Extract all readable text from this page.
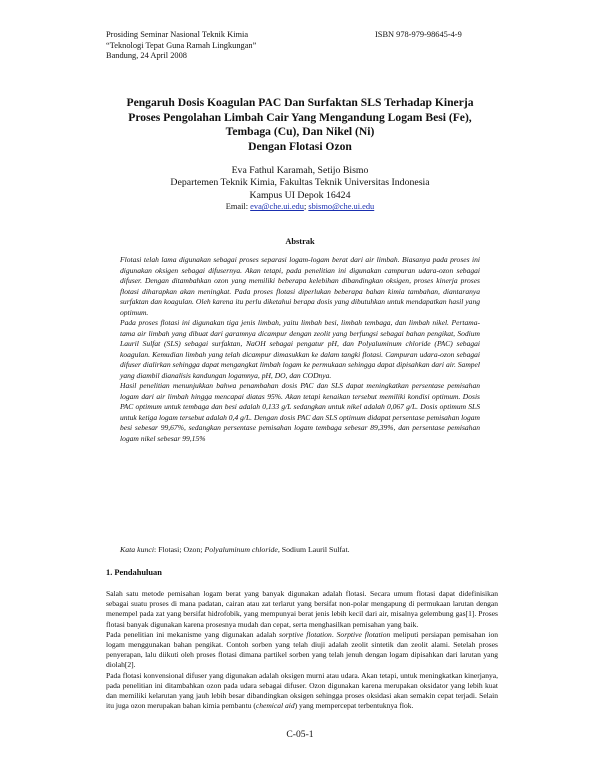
Prosiding Seminar Nasional Teknik Kimia
“Teknologi Tepat Guna Ramah Lingkungan”
Bandung, 24 April 2008
ISBN 978-979-98645-4-9
Pengaruh Dosis Koagulan PAC Dan Surfaktan SLS Terhadap Kinerja
Proses Pengolahan Limbah Cair Yang Mengandung Logam Besi (Fe),
Tembaga (Cu), Dan Nikel (Ni)
Dengan Flotasi Ozon
Eva Fathul Karamah, Setijo Bismo
Departemen Teknik Kimia, Fakultas Teknik Universitas Indonesia
Kampus UI Depok 16424
Email: eva@che.ui.edu; sbismo@che.ui.edu
Abstrak

Flotasi telah lama digunakan sebagai proses separasi logam-logam berat dari air limbah. Biasanya pada proses ini digunakan oksigen sebagai difusernya. Akan tetapi, pada penelitian ini digunakan campuran udara-ozon sebagai difuser. Dengan ditambahkan ozon yang memiliki beberapa kelebihan dibandingkan oksigen, proses kinerja proses flotasi diharapkan akan meningkat. Pada proses flotasi diperlukan beberapa bahan kimia tambahan, diantaranya surfaktan dan koagulan. Oleh karena itu perlu diketahui berapa dosis yang dibutuhkan untuk mendapatkan hasil yang optimum.

Pada proses flotasi ini digunakan tiga jenis limbah, yaitu limbah besi, limbah tembaga, dan limbah nikel. Pertama-tama air limbah yang dibuat dari garamnya dicampur dengan zeolit yang berfungsi sebagai bahan pengikat, Sodium Lauril Sulfat (SLS) sebagai surfaktan, NaOH sebagai pengatur pH, dan Polyaluminum chloride (PAC) sebagai koagulan. Kemudian limbah yang telah dicampur dimasukkan ke dalam tangki flotasi. Campuran udara-ozon sebagai difuser dialirkan sehingga dapat mengangkat limbah logam ke permukaan sehingga dapat dipisahkan dari air. Sampel yang diambil dianalisis kandungan logamnya, pH, DO, dan CODnya.

Hasil penelitian menunjukkan bahwa penambahan dosis PAC dan SLS dapat meningkatkan persentase pemisahan logam dari air limbah hingga mencapai diatas 95%. Akan tetapi kenaikan tersebut memiliki kondisi optimum. Dosis PAC optimum untuk tembaga dan besi adalah 0,133 g/L sedangkan untuk nikel adalah 0,067 g/L. Dosis optimum SLS untuk ketiga logam tersebut adalah 0,4 g/L. Dengan dosis PAC dan SLS optimum didapat persentase pemisahan logam besi sebesar 99,67%, sedangkan persentase pemisahan logam tembaga sebesar 89,39%, dan persentase pemisahan logam nikel sebesar 99,15%

Kata kunci: Flotasi; Ozon; Polyaluminum chloride, Sodium Lauril Sulfat.
1. Pendahuluan

Salah satu metode pemisahan logam berat yang banyak digunakan adalah flotasi. Secara umum flotasi dapat didefinisikan sebagai suatu proses di mana padatan, cairan atau zat terlarut yang bersifat non-polar mengapung di permukaan larutan dengan menempel pada zat yang bersifat hidrofobik, yang mempunyai berat jenis lebih kecil dari air, misalnya gelembung gas[1]. Proses flotasi banyak digunakan karena prosesnya mudah dan cepat, serta menghasilkan pemisahan yang baik.

Pada penelitian ini mekanisme yang digunakan adalah sorptive flotation. Sorptive flotation meliputi persiapan pemisahan ion logam menggunakan bahan pengikat. Contoh sorben yang telah diuji adalah zeolit sintetik dan zeolit alami. Setelah proses penyerapan, lalu diikuti oleh proses flotasi dimana partikel sorben yang telah jenuh dengan logam dipisahkan dari larutan yang diolah[2].

Pada flotasi konvensional difuser yang digunakan adalah oksigen murni atau udara. Akan tetapi, untuk meningkatkan kinerjanya, pada penelitian ini ditambahkan ozon pada udara sebagai difuser. Ozon digunakan karena merupakan oksidator yang lebih kuat dan memiliki kelarutan yang jauh lebih besar dibandingkan oksigen sehingga proses oksidasi akan semakin cepat terjadi. Selain itu juga ozon merupakan bahan kimia pembantu (chemical aid) yang mempercepat terbentuknya flok.

C-05-1
